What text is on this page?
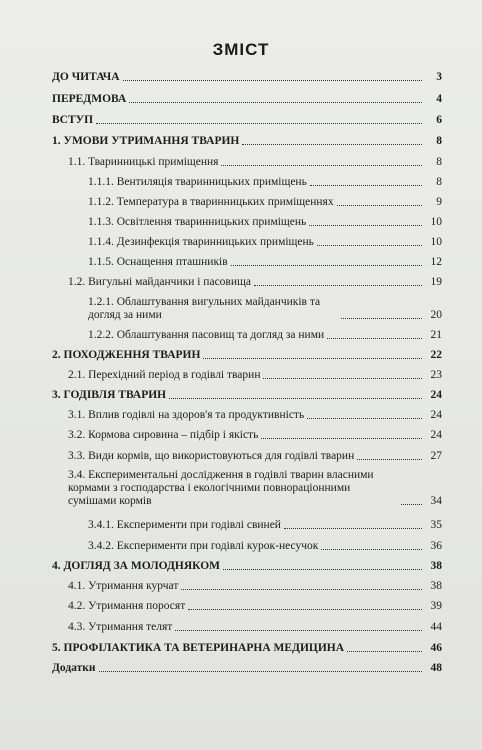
ЗМІСТ
ДО ЧИТАЧА	3
ПЕРЕДМОВА	4
ВСТУП	6
1. УМОВИ УТРИМАННЯ ТВАРИН	8
1.1. Тваринницькі приміщення	8
1.1.1. Вентиляція тваринницьких приміщень	8
1.1.2. Температура в тваринницьких приміщеннях	9
1.1.3. Освітлення тваринницьких приміщень	10
1.1.4. Дезинфекція тваринницьких приміщень	10
1.1.5. Оснащення пташників	12
1.2. Вигульні майданчики і пасовища	19
1.2.1. Облаштування вигульних майданчиків та догляд за ними	20
1.2.2. Облаштування пасовищ та догляд за ними	21
2. ПОХОДЖЕННЯ ТВАРИН	22
2.1. Перехідний період в годівлі тварин	23
3. ГОДІВЛЯ ТВАРИН	24
3.1. Вплив годівлі на здоров'я та продуктивність	24
3.2. Кормова сировина – підбір і якість	24
3.3. Види кормів, що використовуються для годівлі тварин	27
3.4. Експериментальні дослідження в годівлі тварин власними кормами з господарства і екологічними повнораціонними сумішами кормів	34
3.4.1. Експерименти при годівлі свиней	35
3.4.2. Експерименти при годівлі курок-несучок	36
4. ДОГЛЯД ЗА МОЛОДНЯКОМ	38
4.1. Утримання курчат	38
4.2. Утримання поросят	39
4.3. Утримання телят	44
5. ПРОФІЛАКТИКА ТА ВЕТЕРИНАРНА МЕДИЦИНА	46
Додатки	48
